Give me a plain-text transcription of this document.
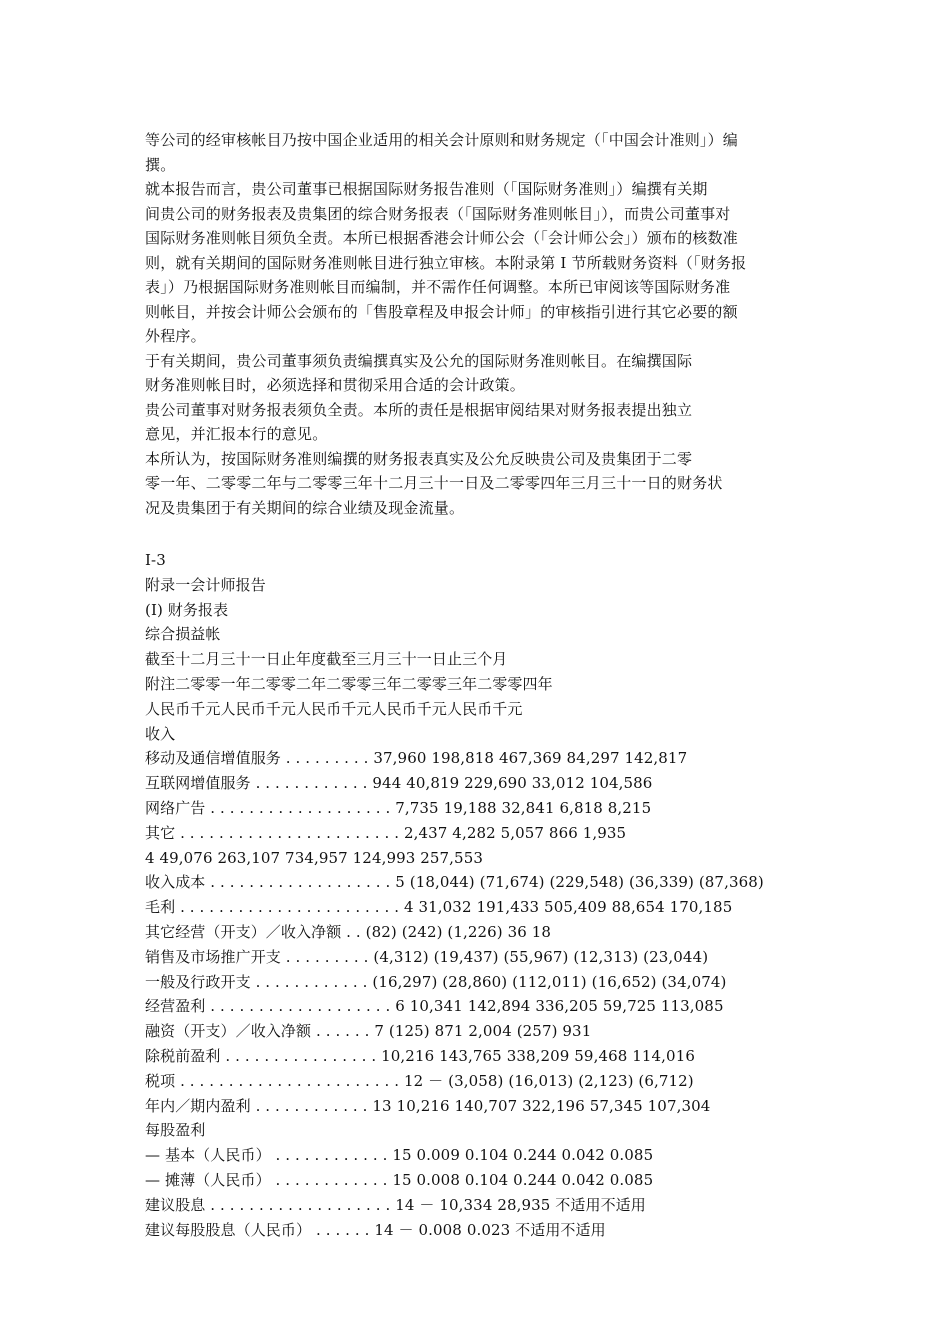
等公司的经审核帐目乃按中国企业适用的相关会计原则和财务规定（「中国会计准则」）编
撰。
就本报告而言，贵公司董事已根据国际财务报告准则（「国际财务准则」）编撰有关期
间贵公司的财务报表及贵集团的综合财务报表（「国际财务准则帐目」），而贵公司董事对
国际财务准则帐目须负全责。本所已根据香港会计师公会（「会计师公会」）颁布的核数准
则，就有关期间的国际财务准则帐目进行独立审核。本附录第 I 节所载财务资料（「财务报
表」）乃根据国际财务准则帐目而编制，并不需作任何调整。本所已审阅该等国际财务准
则帐目，并按会计师公会颁布的「售股章程及申报会计师」的审核指引进行其它必要的额
外程序。
于有关期间，贵公司董事须负责编撰真实及公允的国际财务准则帐目。在编撰国际
财务准则帐目时，必须选择和贯彻采用合适的会计政策。
贵公司董事对财务报表须负全责。本所的责任是根据审阅结果对财务报表提出独立
意见，并汇报本行的意见。
本所认为，按国际财务准则编撰的财务报表真实及公允反映贵公司及贵集团于二零
零一年、二零零二年与二零零三年十二月三十一日及二零零四年三月三十一日的财务状
况及贵集团于有关期间的综合业绩及现金流量。
I-3
附录一会计师报告
(I) 财务报表
综合损益帐
截至十二月三十一日止年度截至三月三十一日止三个月
附注二零零一年二零零二年二零零三年二零零三年二零零四年
人民币千元人民币千元人民币千元人民币千元人民币千元
收入
移动及通信增值服务 . . . . . . . . . 37,960 198,818 467,369 84,297 142,817
互联网增值服务 . . . . . . . . . . . . 944 40,819 229,690 33,012 104,586
网络广告 . . . . . . . . . . . . . . . . . . . 7,735 19,188 32,841 6,818 8,215
其它 . . . . . . . . . . . . . . . . . . . . . . . 2,437 4,282 5,057 866 1,935
4 49,076 263,107 734,957 124,993 257,553
收入成本 . . . . . . . . . . . . . . . . . . . 5 (18,044) (71,674) (229,548) (36,339) (87,368)
毛利 . . . . . . . . . . . . . . . . . . . . . . . 4 31,032 191,433 505,409 88,654 170,185
其它经营（开支）／收入净额 . . (82) (242) (1,226) 36 18
销售及市场推广开支 . . . . . . . . . (4,312) (19,437) (55,967) (12,313) (23,044)
一般及行政开支 . . . . . . . . . . . . (16,297) (28,860) (112,011) (16,652) (34,074)
经营盈利 . . . . . . . . . . . . . . . . . . . 6 10,341 142,894 336,205 59,725 113,085
融资（开支）／收入净额 . . . . . . 7 (125) 871 2,004 (257) 931
除税前盈利 . . . . . . . . . . . . . . . . 10,216 143,765 338,209 59,468 114,016
税项 . . . . . . . . . . . . . . . . . . . . . . . 12 － (3,058) (16,013) (2,123) (6,712)
年内／期内盈利 . . . . . . . . . . . . 13 10,216 140,707 322,196 57,345 107,304
每股盈利
— 基本（人民币） . . . . . . . . . . . . 15 0.009 0.104 0.244 0.042 0.085
— 摊薄（人民币） . . . . . . . . . . . . 15 0.008 0.104 0.244 0.042 0.085
建议股息 . . . . . . . . . . . . . . . . . . . 14 － 10,334 28,935 不适用不适用
建议每股股息（人民币） . . . . . . 14 － 0.008 0.023 不适用不适用
